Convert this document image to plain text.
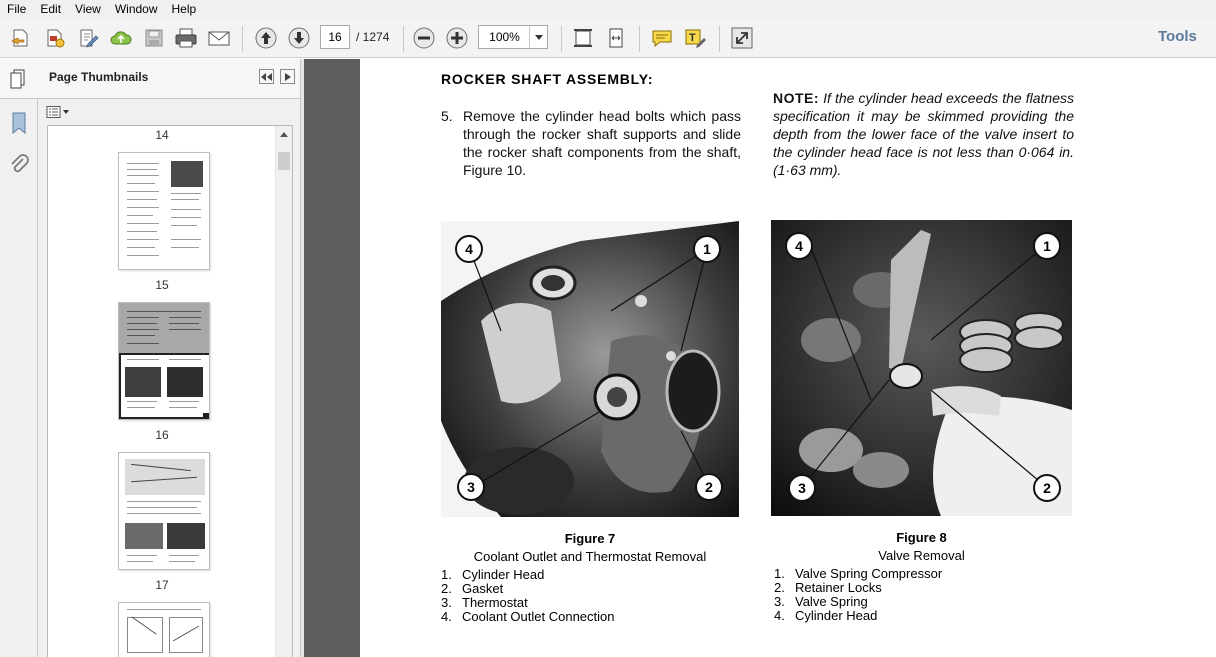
File	Edit	View	Window	Help
T
16
/ 1274	100%	Tools
Page Thumbnails
14
15
16
17
ROCKER SHAFT ASSEMBLY:
5. Remove the cylinder head bolts which pass through the rocker shaft supports and slide the rocker shaft components from the shaft, Figure 10.
NOTE: If the cylinder head exceeds the flatness specification it may be skimmed providing the depth from the lower face of the valve insert to the cylinder head face is not less than 0·064 in. (1·63 mm).
4	1
3	2
4	1
3	2
Figure 7
Coolant Outlet and Thermostat Removal
1. Cylinder Head
2. Gasket
3. Thermostat
4. Coolant Outlet Connection
Figure 8
Valve Removal
1. Valve Spring Compressor
2. Retainer Locks
3. Valve Spring
4. Cylinder Head
